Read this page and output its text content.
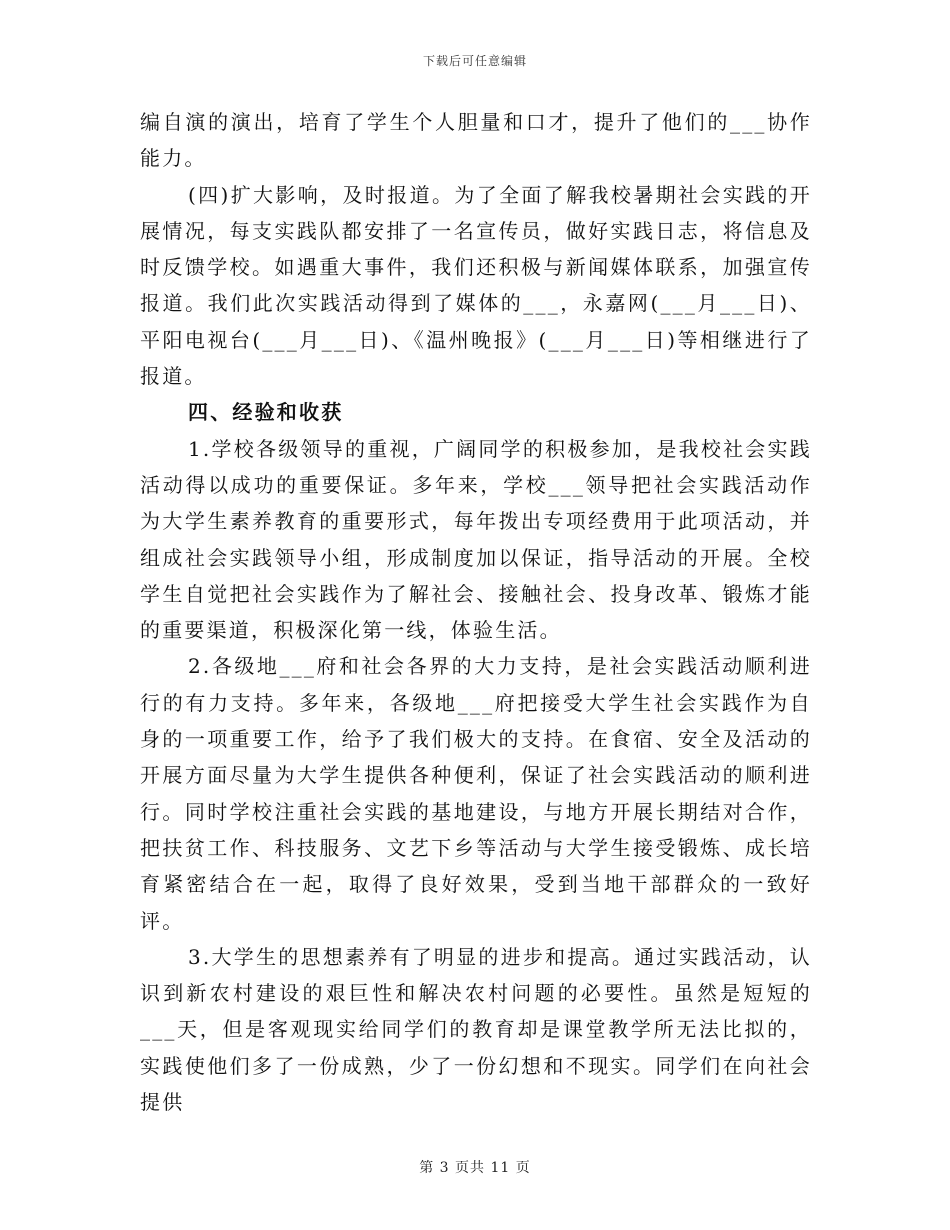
下载后可任意编辑

编自演的演出，培育了学生个人胆量和口才，提升了他们的___协作能力。

(四)扩大影响，及时报道。为了全面了解我校暑期社会实践的开展情况，每支实践队都安排了一名宣传员，做好实践日志，将信息及时反馈学校。如遇重大事件，我们还积极与新闻媒体联系，加强宣传报道。我们此次实践活动得到了媒体的___，永嘉网(___月___日)、平阳电视台(___月___日)、《温州晚报》(___月___日)等相继进行了报道。

四、经验和收获

1.学校各级领导的重视，广阔同学的积极参加，是我校社会实践活动得以成功的重要保证。多年来，学校___领导把社会实践活动作为大学生素养教育的重要形式，每年拨出专项经费用于此项活动，并组成社会实践领导小组，形成制度加以保证，指导活动的开展。全校学生自觉把社会实践作为了解社会、接触社会、投身改革、锻炼才能的重要渠道，积极深化第一线，体验生活。

2.各级地___府和社会各界的大力支持，是社会实践活动顺利进行的有力支持。多年来，各级地___府把接受大学生社会实践作为自身的一项重要工作，给予了我们极大的支持。在食宿、安全及活动的开展方面尽量为大学生提供各种便利，保证了社会实践活动的顺利进行。同时学校注重社会实践的基地建设，与地方开展长期结对合作，把扶贫工作、科技服务、文艺下乡等活动与大学生接受锻炼、成长培育紧密结合在一起，取得了良好效果，受到当地干部群众的一致好评。

3.大学生的思想素养有了明显的进步和提高。通过实践活动，认识到新农村建设的艰巨性和解决农村问题的必要性。虽然是短短的___天，但是客观现实给同学们的教育却是课堂教学所无法比拟的，实践使他们多了一份成熟，少了一份幻想和不现实。同学们在向社会提供

第 3 页共 11 页
